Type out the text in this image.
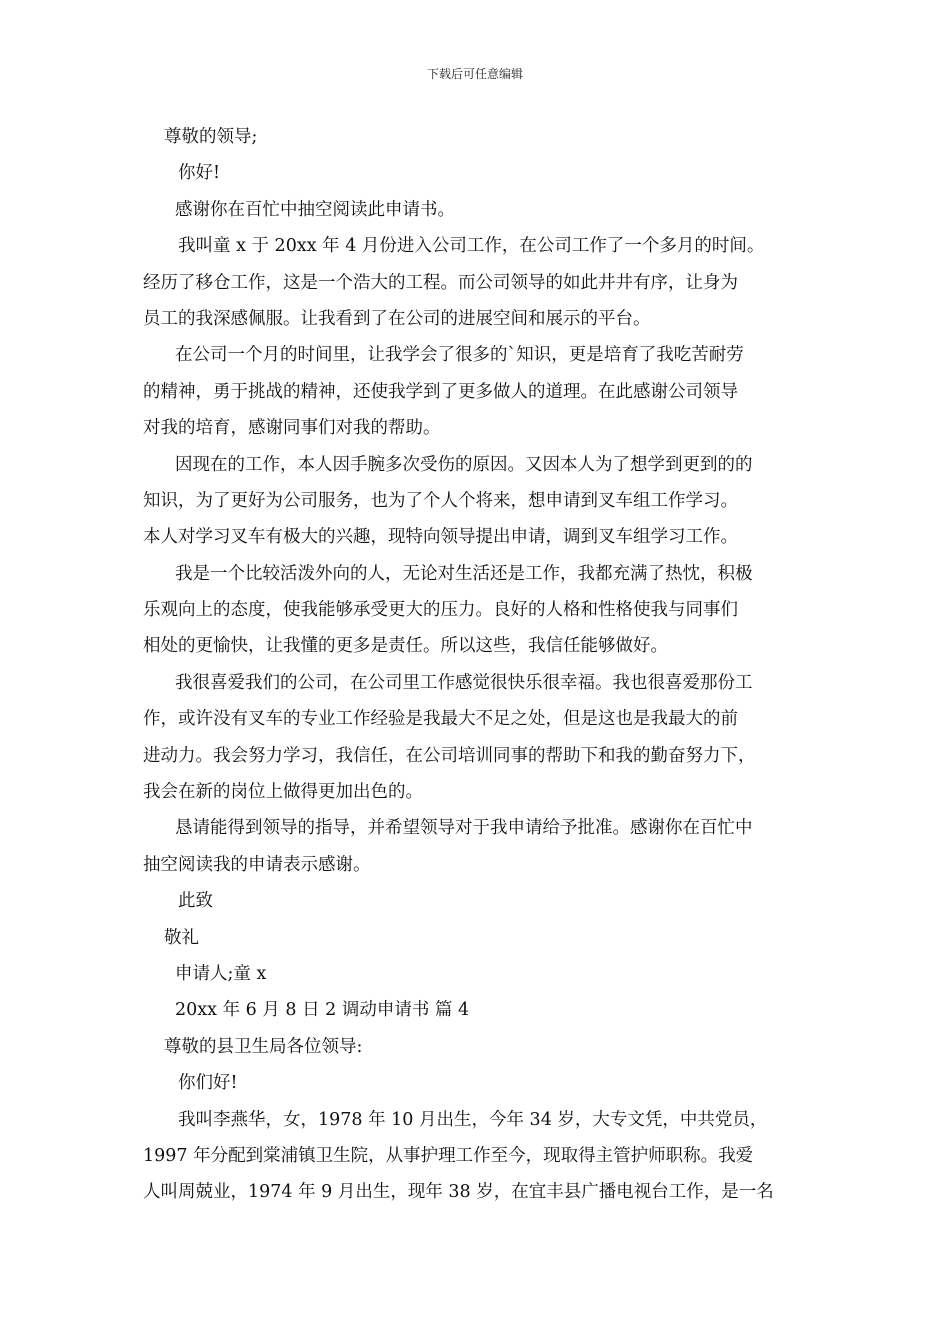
下载后可任意编辑
尊敬的领导;
你好!
感谢你在百忙中抽空阅读此申请书。
我叫童 x 于 20xx 年 4 月份进入公司工作，在公司工作了一个多月的时间。
经历了移仓工作，这是一个浩大的工程。而公司领导的如此井井有序，让身为
员工的我深感佩服。让我看到了在公司的进展空间和展示的平台。
在公司一个月的时间里，让我学会了很多的`知识，更是培育了我吃苦耐劳
的精神，勇于挑战的精神，还使我学到了更多做人的道理。在此感谢公司领导
对我的培育，感谢同事们对我的帮助。
因现在的工作，本人因手腕多次受伤的原因。又因本人为了想学到更到的的
知识，为了更好为公司服务，也为了个人个将来，想申请到叉车组工作学习。
本人对学习叉车有极大的兴趣，现特向领导提出申请，调到叉车组学习工作。
我是一个比较活泼外向的人，无论对生活还是工作，我都充满了热忱，积极
乐观向上的态度，使我能够承受更大的压力。良好的人格和性格使我与同事们
相处的更愉快，让我懂的更多是责任。所以这些，我信任能够做好。
我很喜爱我们的公司，在公司里工作感觉很快乐很幸福。我也很喜爱那份工
作，或许没有叉车的专业工作经验是我最大不足之处，但是这也是我最大的前
进动力。我会努力学习，我信任，在公司培训同事的帮助下和我的勤奋努力下，
我会在新的岗位上做得更加出色的。
恳请能得到领导的指导，并希望领导对于我申请给予批准。感谢你在百忙中
抽空阅读我的申请表示感谢。
此致
敬礼
申请人;童 x
20xx 年 6 月 8 日 2 调动申请书 篇 4
尊敬的县卫生局各位领导:
你们好!
我叫李燕华，女，1978 年 10 月出生，今年 34 岁，大专文凭，中共党员，
1997 年分配到棠浦镇卫生院，从事护理工作至今，现取得主管护师职称。我爱
人叫周兢业，1974 年 9 月出生，现年 38 岁，在宜丰县广播电视台工作，是一名
